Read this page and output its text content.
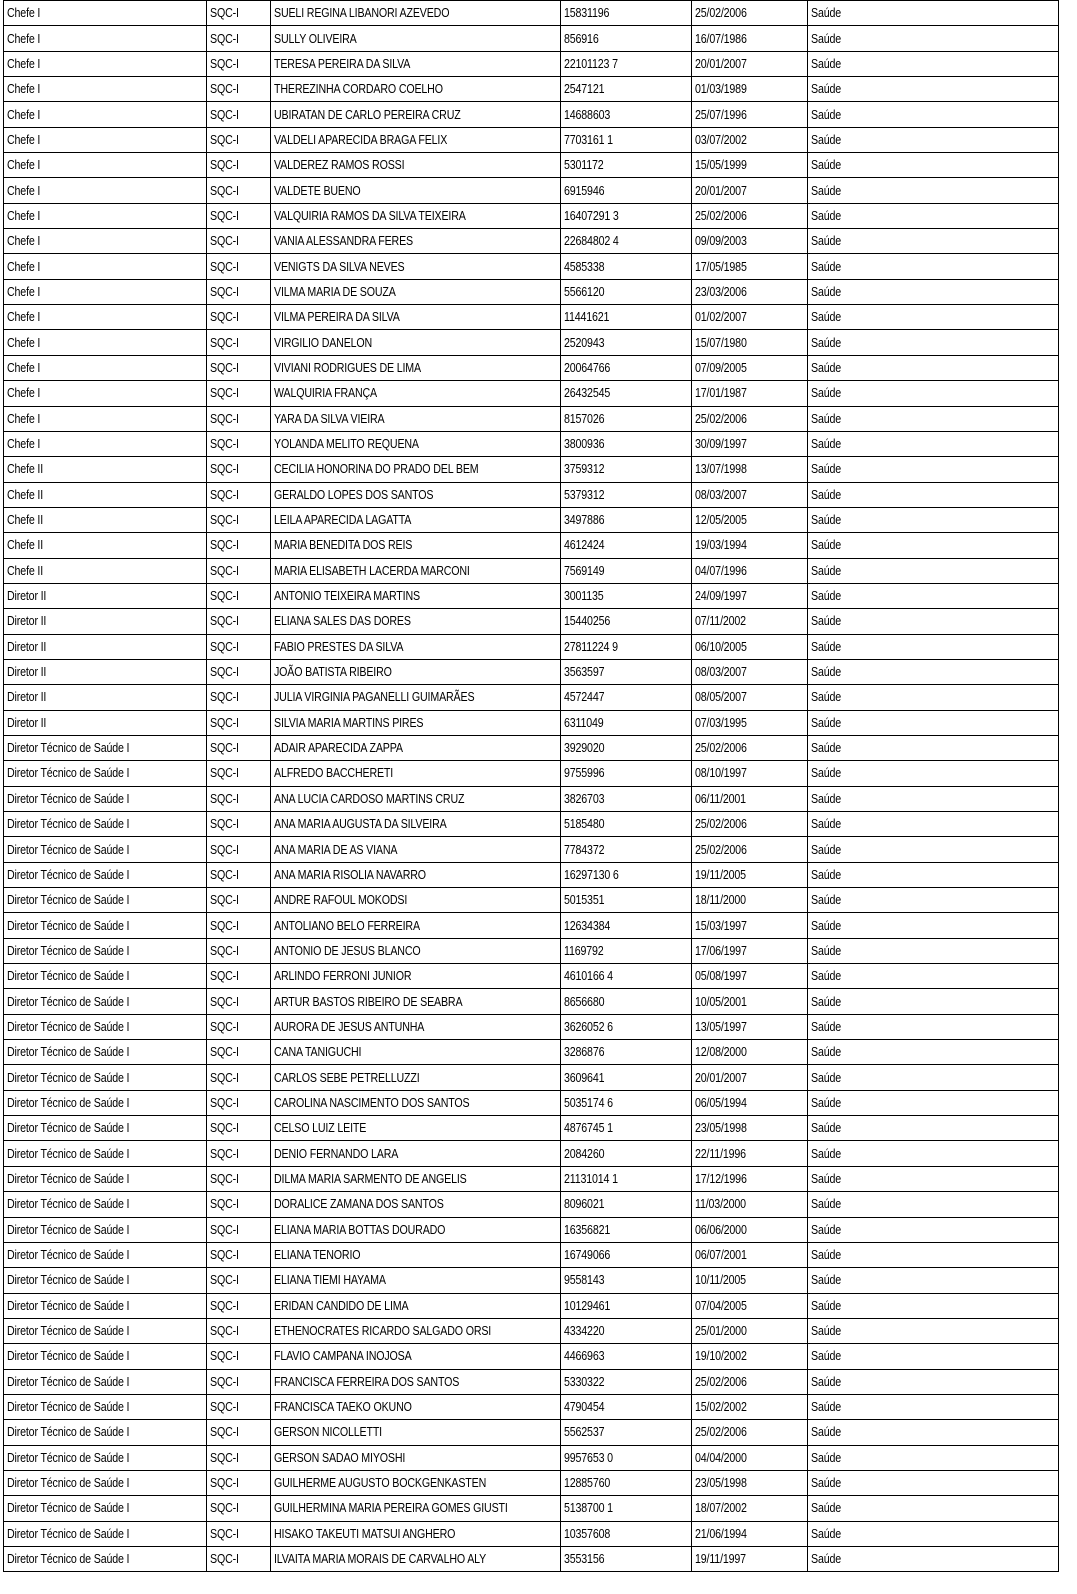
Chefe I	SQC-I	SUELI REGINA LIBANORI AZEVEDO	15831196	25/02/2006	Saúde
Chefe I	SQC-I	SULLY OLIVEIRA	856916	16/07/1986	Saúde
Chefe I	SQC-I	TERESA PEREIRA DA SILVA	22101123 7	20/01/2007	Saúde
Chefe I	SQC-I	THEREZINHA CORDARO COELHO	2547121	01/03/1989	Saúde
Chefe I	SQC-I	UBIRATAN DE CARLO PEREIRA CRUZ	14688603	25/07/1996	Saúde
Chefe I	SQC-I	VALDELI APARECIDA BRAGA FELIX	7703161 1	03/07/2002	Saúde
Chefe I	SQC-I	VALDEREZ RAMOS ROSSI	5301172	15/05/1999	Saúde
Chefe I	SQC-I	VALDETE BUENO	6915946	20/01/2007	Saúde
Chefe I	SQC-I	VALQUIRIA RAMOS DA SILVA TEIXEIRA	16407291 3	25/02/2006	Saúde
Chefe I	SQC-I	VANIA ALESSANDRA FERES	22684802 4	09/09/2003	Saúde
Chefe I	SQC-I	VENIGTS DA SILVA NEVES	4585338	17/05/1985	Saúde
Chefe I	SQC-I	VILMA MARIA DE SOUZA	5566120	23/03/2006	Saúde
Chefe I	SQC-I	VILMA PEREIRA DA SILVA	11441621	01/02/2007	Saúde
Chefe I	SQC-I	VIRGILIO DANELON	2520943	15/07/1980	Saúde
Chefe I	SQC-I	VIVIANI RODRIGUES DE LIMA	20064766	07/09/2005	Saúde
Chefe I	SQC-I	WALQUIRIA FRANÇA	26432545	17/01/1987	Saúde
Chefe I	SQC-I	YARA DA SILVA VIEIRA	8157026	25/02/2006	Saúde
Chefe I	SQC-I	YOLANDA MELITO REQUENA	3800936	30/09/1997	Saúde
Chefe II	SQC-I	CECILIA HONORINA DO PRADO DEL BEM	3759312	13/07/1998	Saúde
Chefe II	SQC-I	GERALDO LOPES DOS SANTOS	5379312	08/03/2007	Saúde
Chefe II	SQC-I	LEILA APARECIDA LAGATTA	3497886	12/05/2005	Saúde
Chefe II	SQC-I	MARIA BENEDITA DOS REIS	4612424	19/03/1994	Saúde
Chefe II	SQC-I	MARIA ELISABETH LACERDA MARCONI	7569149	04/07/1996	Saúde
Diretor II	SQC-I	ANTONIO TEIXEIRA MARTINS	3001135	24/09/1997	Saúde
Diretor II	SQC-I	ELIANA SALES DAS DORES	15440256	07/11/2002	Saúde
Diretor II	SQC-I	FABIO PRESTES DA SILVA	27811224 9	06/10/2005	Saúde
Diretor II	SQC-I	JOÃO BATISTA RIBEIRO	3563597	08/03/2007	Saúde
Diretor II	SQC-I	JULIA VIRGINIA PAGANELLI GUIMARÃES	4572447	08/05/2007	Saúde
Diretor II	SQC-I	SILVIA MARIA MARTINS PIRES	6311049	07/03/1995	Saúde
Diretor Técnico de Saúde I	SQC-I	ADAIR APARECIDA ZAPPA	3929020	25/02/2006	Saúde
Diretor Técnico de Saúde I	SQC-I	ALFREDO BACCHERETI	9755996	08/10/1997	Saúde
Diretor Técnico de Saúde I	SQC-I	ANA LUCIA CARDOSO MARTINS CRUZ	3826703	06/11/2001	Saúde
Diretor Técnico de Saúde I	SQC-I	ANA MARIA AUGUSTA DA SILVEIRA	5185480	25/02/2006	Saúde
Diretor Técnico de Saúde I	SQC-I	ANA MARIA DE AS VIANA	7784372	25/02/2006	Saúde
Diretor Técnico de Saúde I	SQC-I	ANA MARIA RISOLIA NAVARRO	16297130 6	19/11/2005	Saúde
Diretor Técnico de Saúde I	SQC-I	ANDRE RAFOUL MOKODSI	5015351	18/11/2000	Saúde
Diretor Técnico de Saúde I	SQC-I	ANTOLIANO BELO FERREIRA	12634384	15/03/1997	Saúde
Diretor Técnico de Saúde I	SQC-I	ANTONIO DE JESUS BLANCO	1169792	17/06/1997	Saúde
Diretor Técnico de Saúde I	SQC-I	ARLINDO FERRONI JUNIOR	4610166 4	05/08/1997	Saúde
Diretor Técnico de Saúde I	SQC-I	ARTUR BASTOS RIBEIRO DE SEABRA	8656680	10/05/2001	Saúde
Diretor Técnico de Saúde I	SQC-I	AURORA DE JESUS ANTUNHA	3626052 6	13/05/1997	Saúde
Diretor Técnico de Saúde I	SQC-I	CANA TANIGUCHI	3286876	12/08/2000	Saúde
Diretor Técnico de Saúde I	SQC-I	CARLOS SEBE PETRELLUZZI	3609641	20/01/2007	Saúde
Diretor Técnico de Saúde I	SQC-I	CAROLINA NASCIMENTO DOS SANTOS	5035174 6	06/05/1994	Saúde
Diretor Técnico de Saúde I	SQC-I	CELSO LUIZ LEITE	4876745 1	23/05/1998	Saúde
Diretor Técnico de Saúde I	SQC-I	DENIO FERNANDO LARA	2084260	22/11/1996	Saúde
Diretor Técnico de Saúde I	SQC-I	DILMA MARIA SARMENTO DE ANGELIS	21131014 1	17/12/1996	Saúde
Diretor Técnico de Saúde I	SQC-I	DORALICE ZAMANA DOS SANTOS	8096021	11/03/2000	Saúde
Diretor Técnico de Saúde I	SQC-I	ELIANA MARIA BOTTAS DOURADO	16356821	06/06/2000	Saúde
Diretor Técnico de Saúde I	SQC-I	ELIANA TENORIO	16749066	06/07/2001	Saúde
Diretor Técnico de Saúde I	SQC-I	ELIANA TIEMI HAYAMA	9558143	10/11/2005	Saúde
Diretor Técnico de Saúde I	SQC-I	ERIDAN CANDIDO DE LIMA	10129461	07/04/2005	Saúde
Diretor Técnico de Saúde I	SQC-I	ETHENOCRATES RICARDO SALGADO ORSI	4334220	25/01/2000	Saúde
Diretor Técnico de Saúde I	SQC-I	FLAVIO CAMPANA INOJOSA	4466963	19/10/2002	Saúde
Diretor Técnico de Saúde I	SQC-I	FRANCISCA FERREIRA DOS SANTOS	5330322	25/02/2006	Saúde
Diretor Técnico de Saúde I	SQC-I	FRANCISCA TAEKO OKUNO	4790454	15/02/2002	Saúde
Diretor Técnico de Saúde I	SQC-I	GERSON NICOLLETTI	5562537	25/02/2006	Saúde
Diretor Técnico de Saúde I	SQC-I	GERSON SADAO MIYOSHI	9957653 0	04/04/2000	Saúde
Diretor Técnico de Saúde I	SQC-I	GUILHERME AUGUSTO BOCKGENKASTEN	12885760	23/05/1998	Saúde
Diretor Técnico de Saúde I	SQC-I	GUILHERMINA MARIA PEREIRA GOMES GIUSTI	5138700 1	18/07/2002	Saúde
Diretor Técnico de Saúde I	SQC-I	HISAKO TAKEUTI MATSUI ANGHERO	10357608	21/06/1994	Saúde
Diretor Técnico de Saúde I	SQC-I	ILVAITA MARIA MORAIS DE CARVALHO ALY	3553156	19/11/1997	Saúde
